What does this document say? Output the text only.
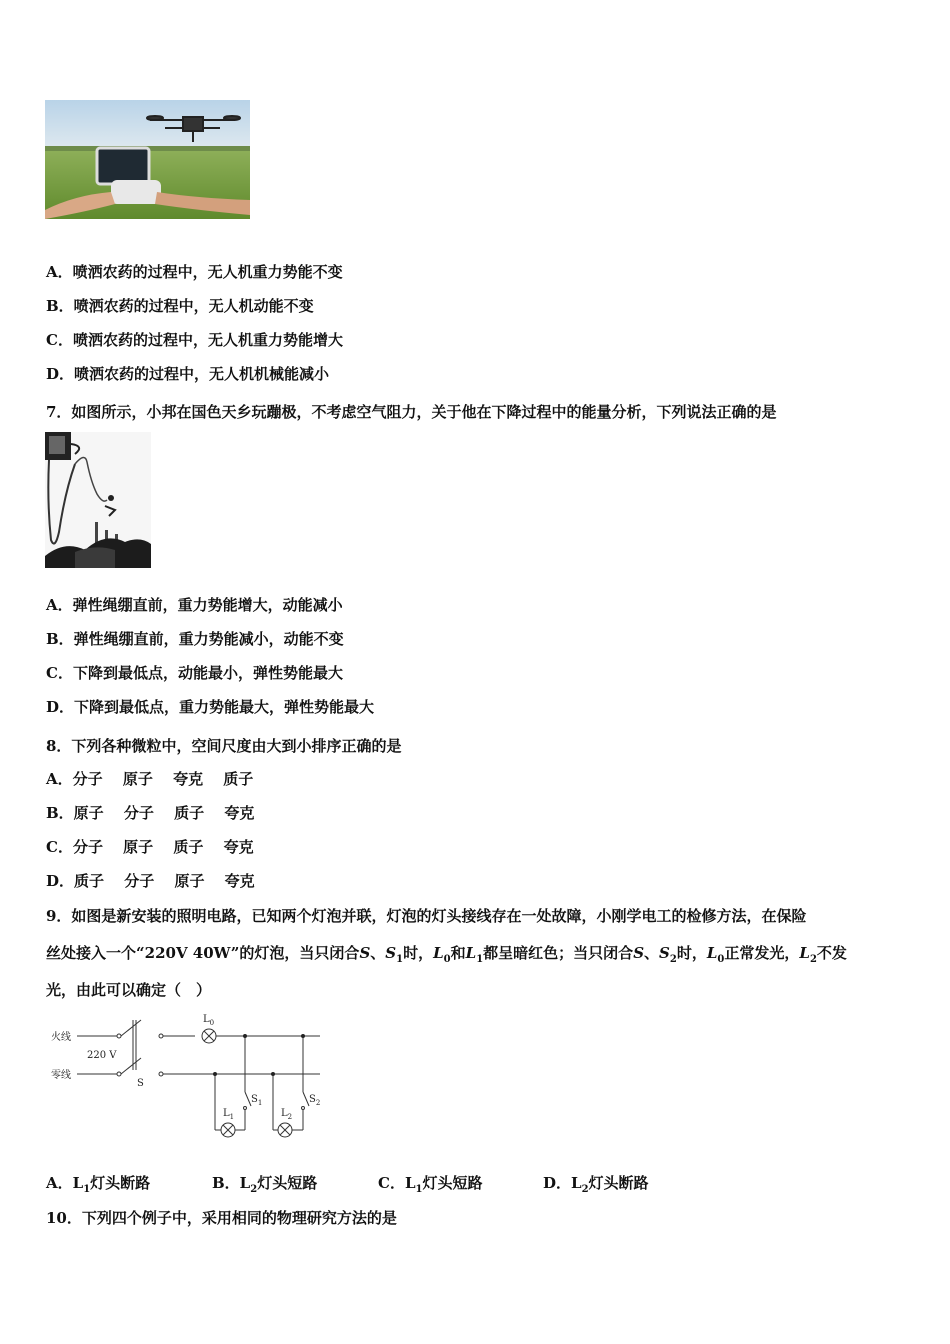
A．喷洒农药的过程中，无人机重力势能不变
B．喷洒农药的过程中，无人机动能不变
C．喷洒农药的过程中，无人机重力势能增大
D．喷洒农药的过程中，无人机机械能减小
7．如图所示，小邦在国色天乡玩蹦极，不考虑空气阻力，关于他在下降过程中的能量分析，下列说法正确的是
A．弹性绳绷直前，重力势能增大，动能减小
B．弹性绳绷直前，重力势能减小，动能不变
C．下降到最低点，动能最小，弹性势能最大
D．下降到最低点，重力势能最大，弹性势能最大
8．下列各种微粒中，空间尺度由大到小排序正确的是
A．分子　 原子　 夸克　 质子
B．原子　 分子　 质子　 夸克
C．分子　 原子　 质子　 夸克
D．质子　 分子　 原子　 夸克
9．如图是新安装的照明电路，已知两个灯泡并联，灯泡的灯头接线存在一处故障，小刚学电工的检修方法，在保险
丝处接入一个“220V 40W”的灯泡，当只闭合S、$S_1$时，$L_0$和$L_1$都呈暗红色；当只闭合S、$S_2$时，$L_0$正常发光，$L_2$不发
光，由此可以确定（　）
火线
零线
220 V
S
$L_0$
$L_1$
$S_1$
$L_2$
$S_2$
A．$L_1$灯头断路	B．$L_2$灯头短路	C．$L_1$灯头短路	D．$L_2$灯头断路
10．下列四个例子中，采用相同的物理研究方法的是
